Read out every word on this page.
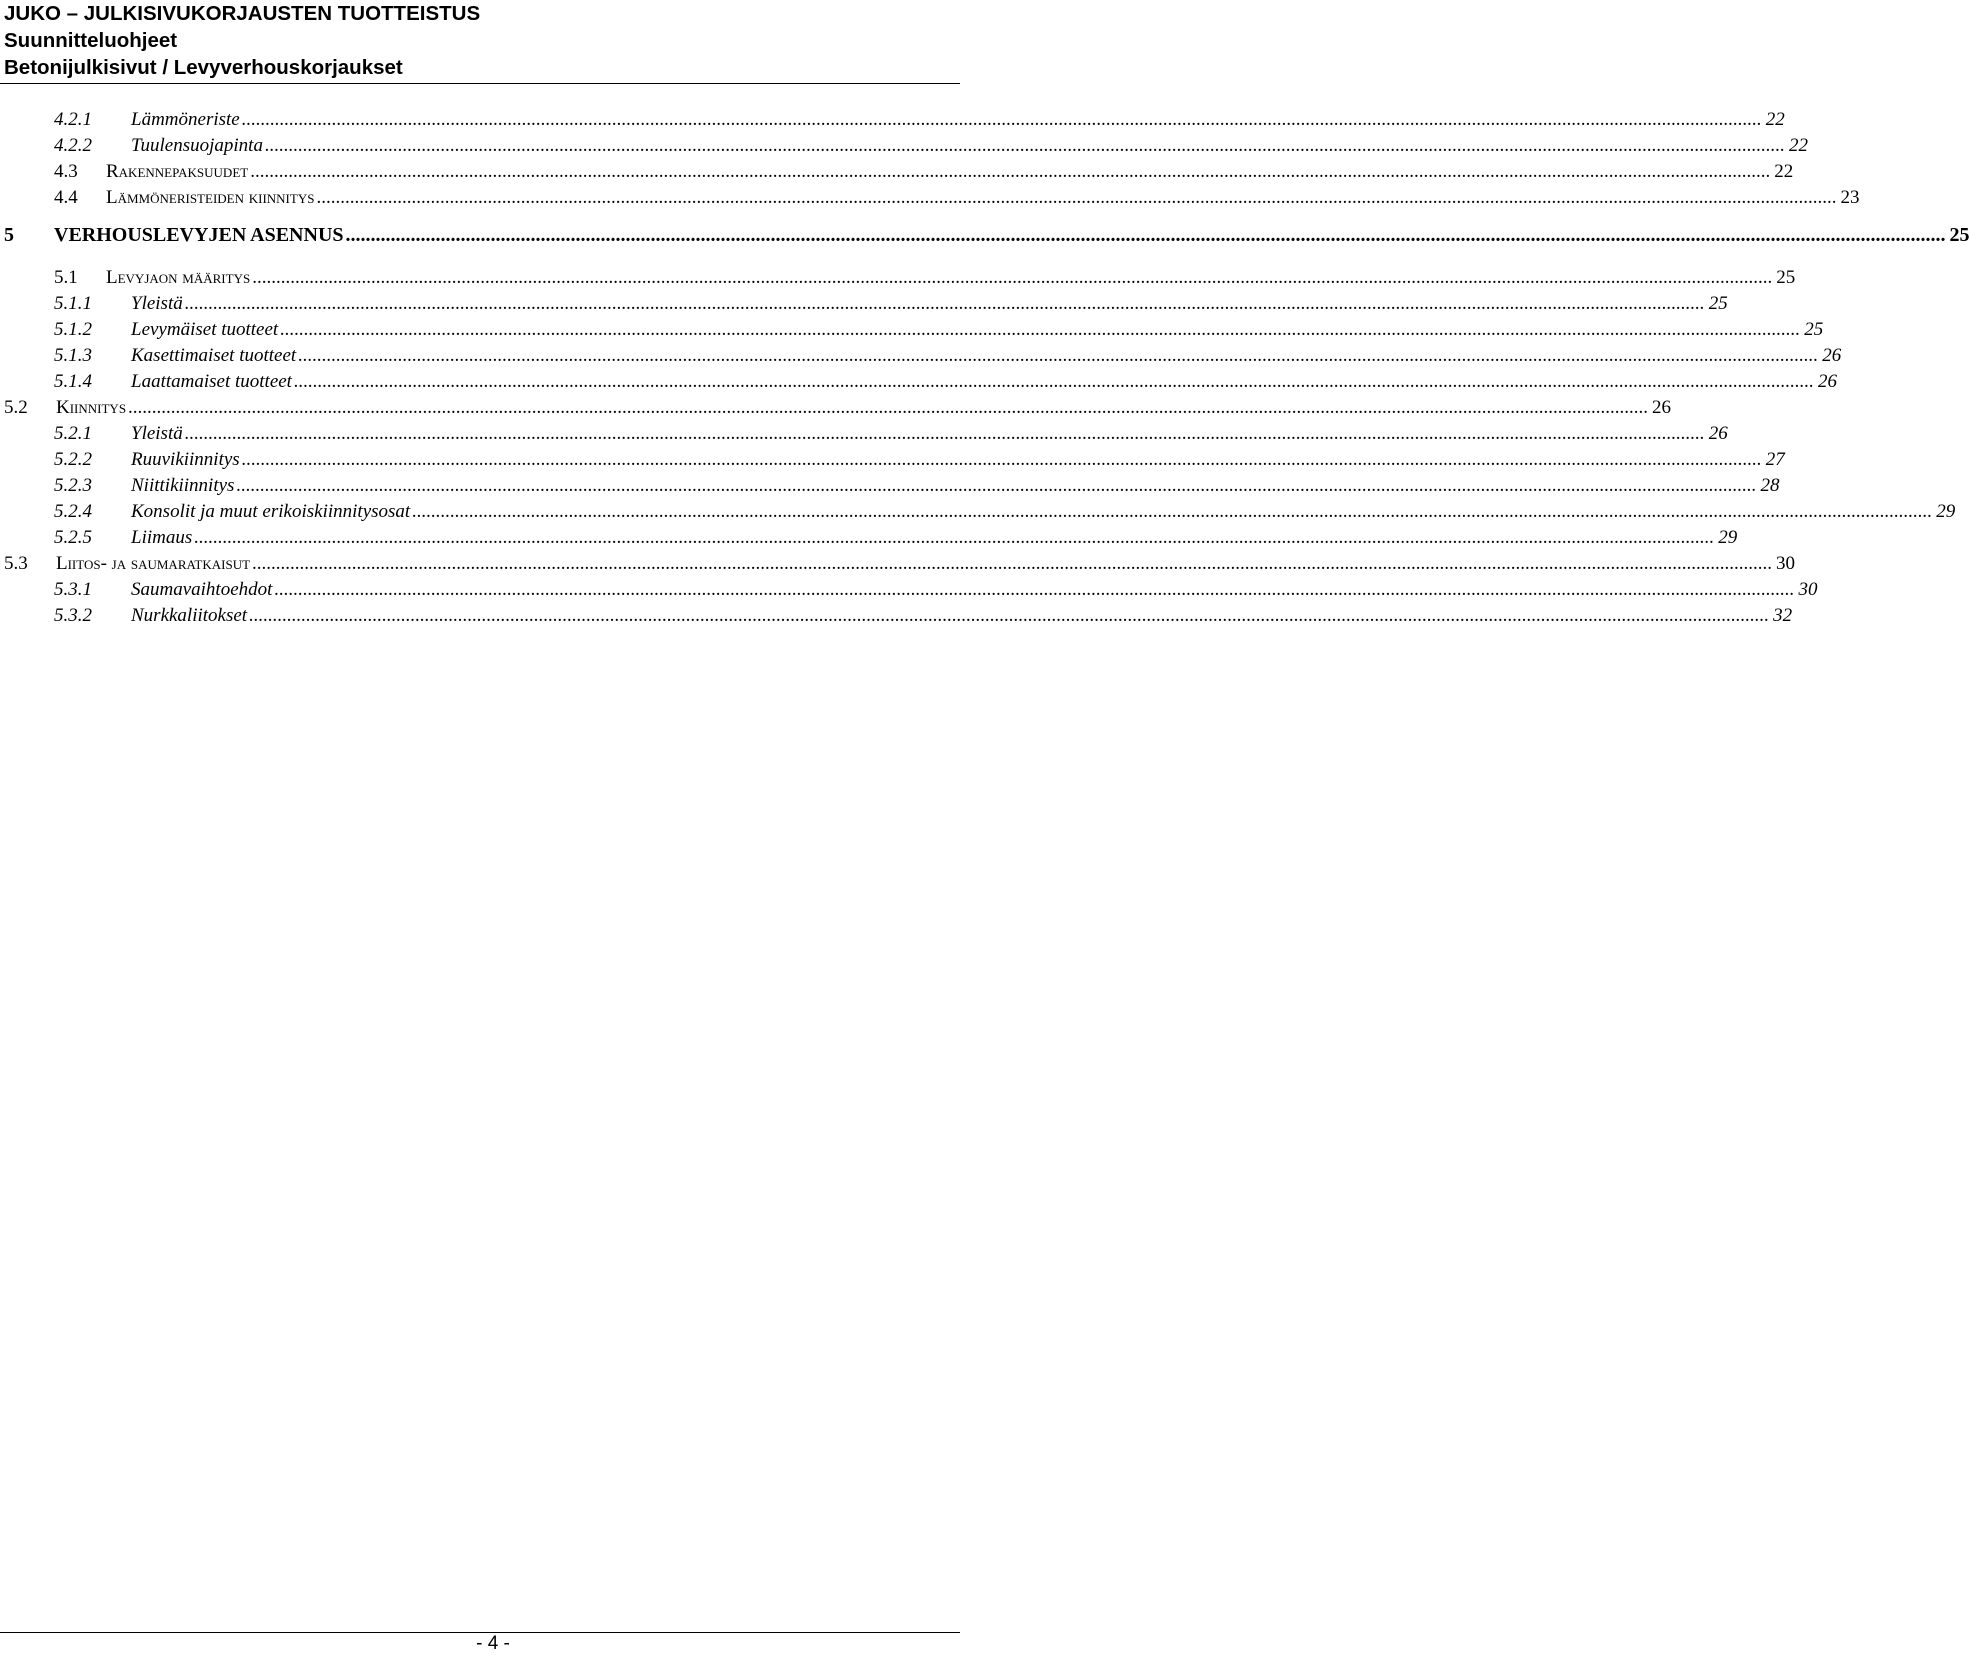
JUKO – JULKISIVUKORJAUSTEN TUOTTEISTUS
Suunnitteluohjeet
Betonijulkisivut / Levyverhouskorjaukset
4.2.1	Lämmöneriste ................................................................................................................................................................................................................................................................................................................................ 22
4.2.2	Tuulensuojapinta ................................................................................................................................................................................................................................................................................................................................ 22
4.3	Rakennepaksuudet ................................................................................................................................................................................................................................................................................................................................ 22
4.4	Lämmöneristeiden kiinnitys ................................................................................................................................................................................................................................................................................................................................ 23
5	VERHOUSLEVYJEN ASENNUS ................................................................................................................................................................................................................................................................................................................................ 25
5.1	Levyjaon määritys ................................................................................................................................................................................................................................................................................................................................ 25
5.1.1	Yleistä ................................................................................................................................................................................................................................................................................................................................ 25
5.1.2	Levymäiset tuotteet ................................................................................................................................................................................................................................................................................................................................ 25
5.1.3	Kasettimaiset tuotteet ................................................................................................................................................................................................................................................................................................................................ 26
5.1.4	Laattamaiset tuotteet ................................................................................................................................................................................................................................................................................................................................ 26
5.2	Kiinnitys ................................................................................................................................................................................................................................................................................................................................ 26
5.2.1	Yleistä ................................................................................................................................................................................................................................................................................................................................ 26
5.2.2	Ruuvikiinnitys ................................................................................................................................................................................................................................................................................................................................ 27
5.2.3	Niittikiinnitys ................................................................................................................................................................................................................................................................................................................................ 28
5.2.4	Konsolit ja muut erikoiskiinnitysosat ................................................................................................................................................................................................................................................................................................................................ 29
5.2.5	Liimaus ................................................................................................................................................................................................................................................................................................................................ 29
5.3	Liitos- ja saumaratkaisut ................................................................................................................................................................................................................................................................................................................................ 30
5.3.1	Saumavaihtoehdot ................................................................................................................................................................................................................................................................................................................................ 30
5.3.2	Nurkkaliitokset ................................................................................................................................................................................................................................................................................................................................ 32
- 4 -
